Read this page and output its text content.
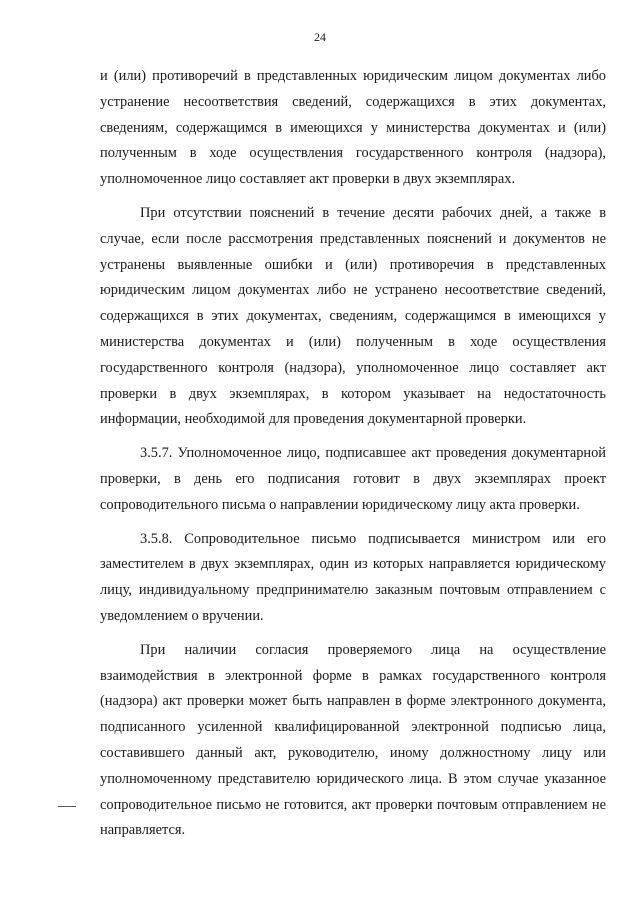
24

и (или) противоречий в представленных юридическим лицом документах либо устранение несоответствия сведений, содержащихся в этих документах, сведениям, содержащимся в имеющихся у министерства документах и (или) полученным в ходе осуществления государственного контроля (надзора), уполномоченное лицо составляет акт проверки в двух экземплярах.

При отсутствии пояснений в течение десяти рабочих дней, а также в случае, если после рассмотрения представленных пояснений и документов не устранены выявленные ошибки и (или) противоречия в представленных юридическим лицом документах либо не устранено несоответствие сведений, содержащихся в этих документах, сведениям, содержащимся в имеющихся у министерства документах и (или) полученным в ходе осуществления государственного контроля (надзора), уполномоченное лицо составляет акт проверки в двух экземплярах, в котором указывает на недостаточность информации, необходимой для проведения документарной проверки.

3.5.7. Уполномоченное лицо, подписавшее акт проведения документарной проверки, в день его подписания готовит в двух экземплярах проект сопроводительного письма о направлении юридическому лицу акта проверки.

3.5.8. Сопроводительное письмо подписывается министром или его заместителем в двух экземплярах, один из которых направляется юридическому лицу, индивидуальному предпринимателю заказным почтовым отправлением с уведомлением о вручении.

При наличии согласия проверяемого лица на осуществление взаимодействия в электронной форме в рамках государственного контроля (надзора) акт проверки может быть направлен в форме электронного документа, подписанного усиленной квалифицированной электронной подписью лица, составившего данный акт, руководителю, иному должностному лицу или уполномоченному представителю юридического лица. В этом случае указанное сопроводительное письмо не готовится, акт проверки почтовым отправлением не направляется.
